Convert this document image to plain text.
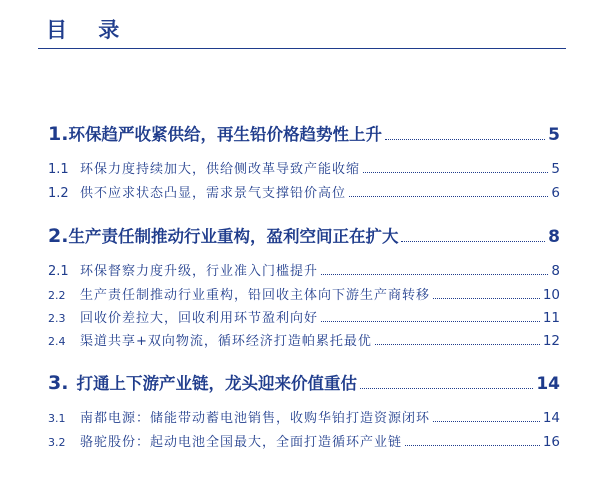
目 录
1. 环保趋严收紧供给，再生铅价格趋势性上升	5
1.1 环保力度持续加大，供给侧改革导致产能收缩	5
1.2 供不应求状态凸显，需求景气支撑铅价高位	6
2. 生产责任制推动行业重构，盈利空间正在扩大	8
2.1 环保督察力度升级，行业准入门槛提升	8
2.2	生产责任制推动行业重构，铅回收主体向下游生产商转移	10
2.3	回收价差拉大，回收利用环节盈利向好	11
2.4	渠道共享+双向物流，循环经济打造帕累托最优	12
3. 打通上下游产业链，龙头迎来价值重估	14
3.1	南都电源：储能带动蓄电池销售，收购华铂打造资源闭环	14
3.2	骆驼股份：起动电池全国最大，全面打造循环产业链	16
